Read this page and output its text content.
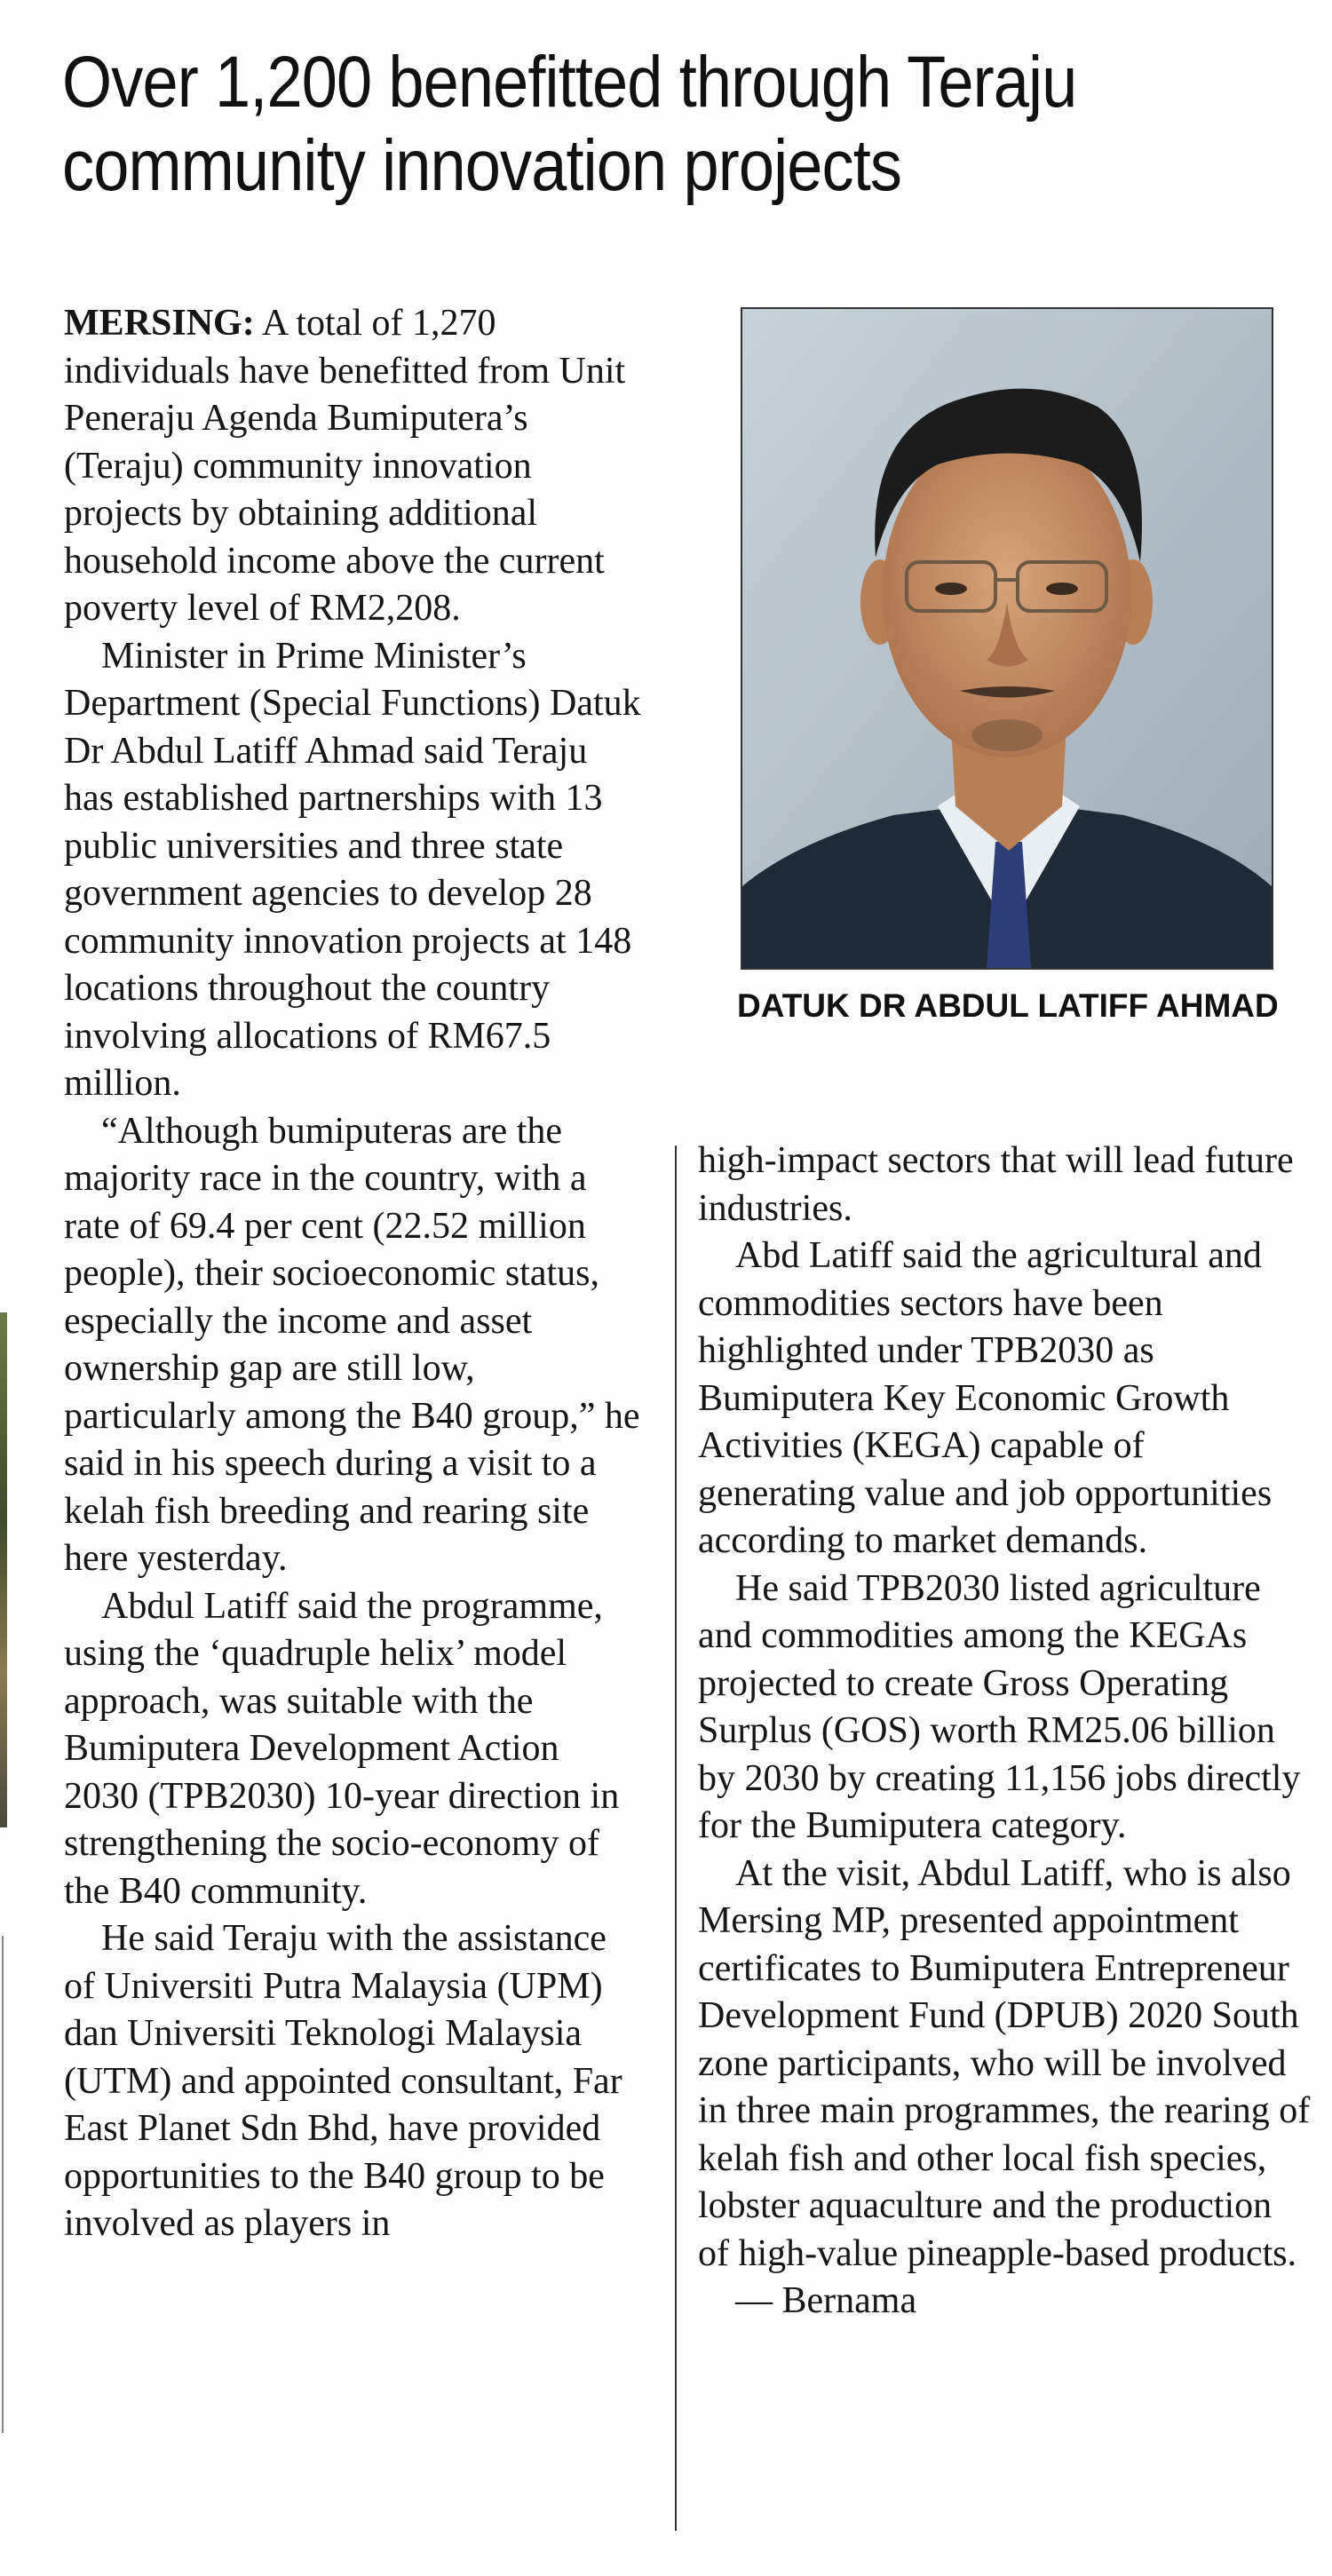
Over 1,200 benefitted through Teraju community innovation projects

MERSING: A total of 1,270 individuals have benefitted from Unit Peneraju Agenda Bumiputera’s (Teraju) community innovation projects by obtaining additional household income above the current poverty level of RM2,208.

Minister in Prime Minister’s Department (Special Functions) Datuk Dr Abdul Latiff Ahmad said Teraju has established partnerships with 13 public universities and three state government agencies to develop 28 community innovation projects at 148 locations throughout the country involving allocations of RM67.5 million.

“Although bumiputeras are the majority race in the country, with a rate of 69.4 per cent (22.52 million people), their socioeconomic status, especially the income and asset ownership gap are still low, particularly among the B40 group,” he said in his speech during a visit to a kelah fish breeding and rearing site here yesterday.

Abdul Latiff said the programme, using the ‘quadruple helix’ model approach, was suitable with the Bumiputera Development Action 2030 (TPB2030) 10-year direction in strengthening the socio-economy of the B40 community.

He said Teraju with the assistance of Universiti Putra Malaysia (UPM) dan Universiti Teknologi Malaysia (UTM) and appointed consultant, Far East Planet Sdn Bhd, have provided opportunities to the B40 group to be involved as players in

DATUK DR ABDUL LATIFF AHMAD

high-impact sectors that will lead future industries.

Abd Latiff said the agricultural and commodities sectors have been highlighted under TPB2030 as Bumiputera Key Economic Growth Activities (KEGA) capable of generating value and job opportunities according to market demands.

He said TPB2030 listed agriculture and commodities among the KEGAs projected to create Gross Operating Surplus (GOS) worth RM25.06 billion by 2030 by creating 11,156 jobs directly for the Bumiputera category.

At the visit, Abdul Latiff, who is also Mersing MP, presented appointment certificates to Bumiputera Entrepreneur Development Fund (DPUB) 2020 South zone participants, who will be involved in three main programmes, the rearing of kelah fish and other local fish species, lobster aquaculture and the production of high-value pineapple-based products.

— Bernama
